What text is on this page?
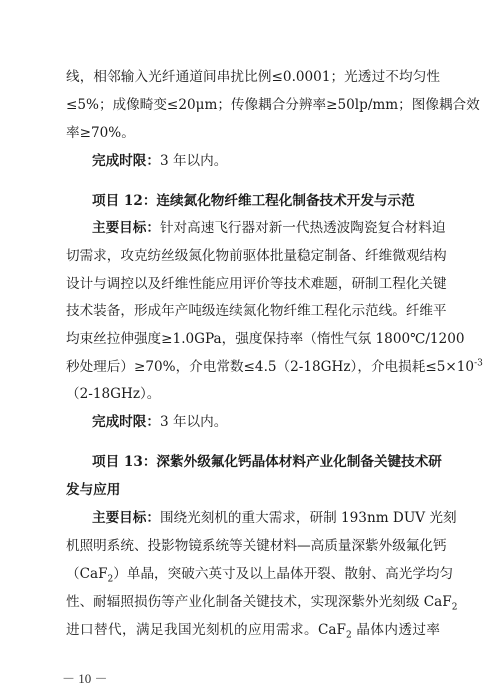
线，相邻输入光纤通道间串扰比例≤0.0001；光透过不均匀性
≤5%；成像畸变≤20μm；传像耦合分辨率≥50lp/mm；图像耦合效
率≥70%。
完成时限：3 年以内。
项目 12：连续氮化物纤维工程化制备技术开发与示范
主要目标：针对高速飞行器对新一代热透波陶瓷复合材料迫
切需求，攻克纺丝级氮化物前驱体批量稳定制备、纤维微观结构
设计与调控以及纤维性能应用评价等技术难题，研制工程化关键
技术装备，形成年产吨级连续氮化物纤维工程化示范线。纤维平
均束丝拉伸强度≥1.0GPa，强度保持率（惰性气氛 1800℃/1200
秒处理后）≥70%，介电常数≤4.5（2-18GHz），介电损耗$\le 5\times 10^{-3}$
（2-18GHz）。
完成时限：3 年以内。
项目 13：深紫外级氟化钙晶体材料产业化制备关键技术研
发与应用
主要目标：围绕光刻机的重大需求，研制 193nm DUV 光刻
机照明系统、投影物镜系统等关键材料—高质量深紫外级氟化钙
（CaF$_2$）单晶，突破六英寸及以上晶体开裂、散射、高光学均匀
性、耐辐照损伤等产业化制备关键技术，实现深紫外光刻级 CaF$_2$
进口替代，满足我国光刻机的应用需求。CaF$_2$ 晶体内透过率
－ 10 －
